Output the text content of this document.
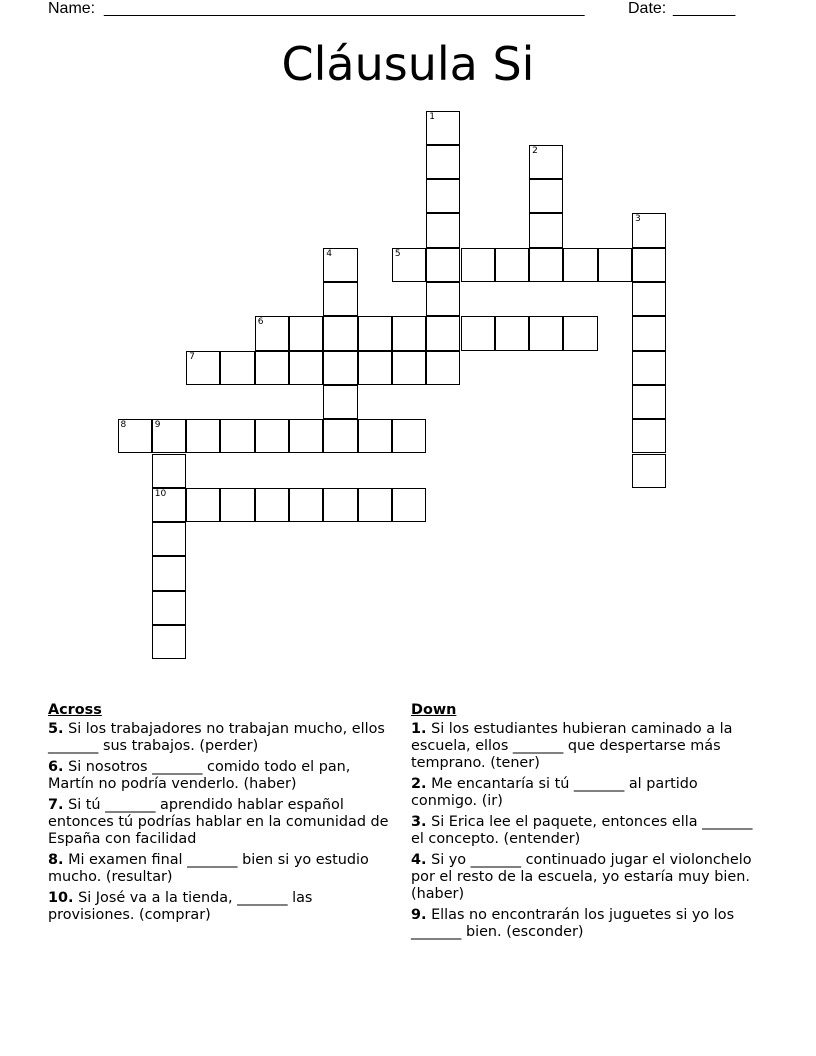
Name: ______________________________________________________	Date: _______
Cláusula Si
1
2
3
4	5
6
7
8	9
10
Across
5. Si los trabajadores no trabajan mucho, ellos _______ sus trabajos. (perder)
6. Si nosotros _______ comido todo el pan, Martín no podría venderlo. (haber)
7. Si tú _______ aprendido hablar español entonces tú podrías hablar en la comunidad de España con facilidad
8. Mi examen final _______ bien si yo estudio mucho. (resultar)
10. Si José va a la tienda, _______ las provisiones. (comprar)
Down
1. Si los estudiantes hubieran caminado a la escuela, ellos _______ que despertarse más temprano. (tener)
2. Me encantaría si tú _______ al partido conmigo. (ir)
3. Si Erica lee el paquete, entonces ella _______ el concepto. (entender)
4. Si yo _______ continuado jugar el violonchelo por el resto de la escuela, yo estaría muy bien. (haber)
9. Ellas no encontrarán los juguetes si yo los _______ bien. (esconder)
